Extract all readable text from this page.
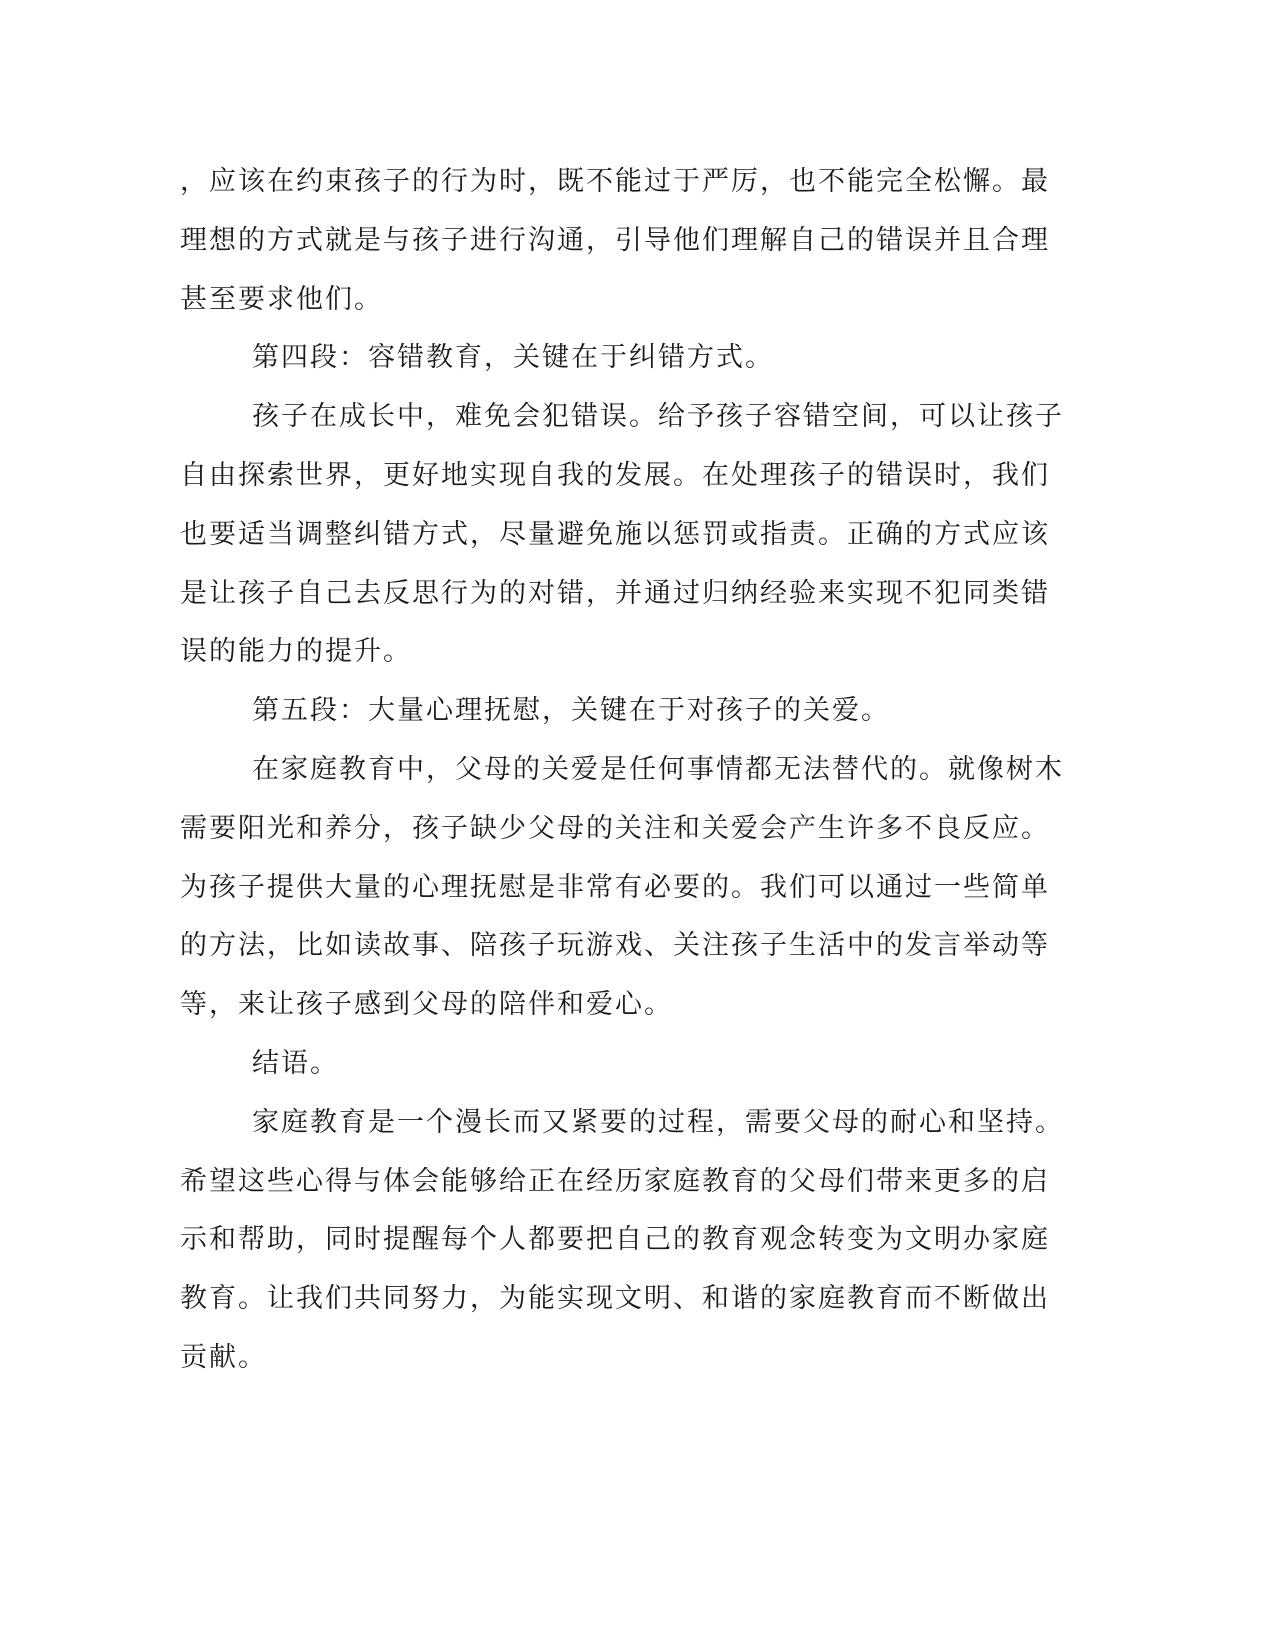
，应该在约束孩子的行为时，既不能过于严厉，也不能完全松懈。最
理想的方式就是与孩子进行沟通，引导他们理解自己的错误并且合理
甚至要求他们。
第四段：容错教育，关键在于纠错方式。
孩子在成长中，难免会犯错误。给予孩子容错空间，可以让孩子
自由探索世界，更好地实现自我的发展。在处理孩子的错误时，我们
也要适当调整纠错方式，尽量避免施以惩罚或指责。正确的方式应该
是让孩子自己去反思行为的对错，并通过归纳经验来实现不犯同类错
误的能力的提升。
第五段：大量心理抚慰，关键在于对孩子的关爱。
在家庭教育中，父母的关爱是任何事情都无法替代的。就像树木
需要阳光和养分，孩子缺少父母的关注和关爱会产生许多不良反应。
为孩子提供大量的心理抚慰是非常有必要的。我们可以通过一些简单
的方法，比如读故事、陪孩子玩游戏、关注孩子生活中的发言举动等
等，来让孩子感到父母的陪伴和爱心。
结语。
家庭教育是一个漫长而又紧要的过程，需要父母的耐心和坚持。
希望这些心得与体会能够给正在经历家庭教育的父母们带来更多的启
示和帮助，同时提醒每个人都要把自己的教育观念转变为文明办家庭
教育。让我们共同努力，为能实现文明、和谐的家庭教育而不断做出
贡献。
